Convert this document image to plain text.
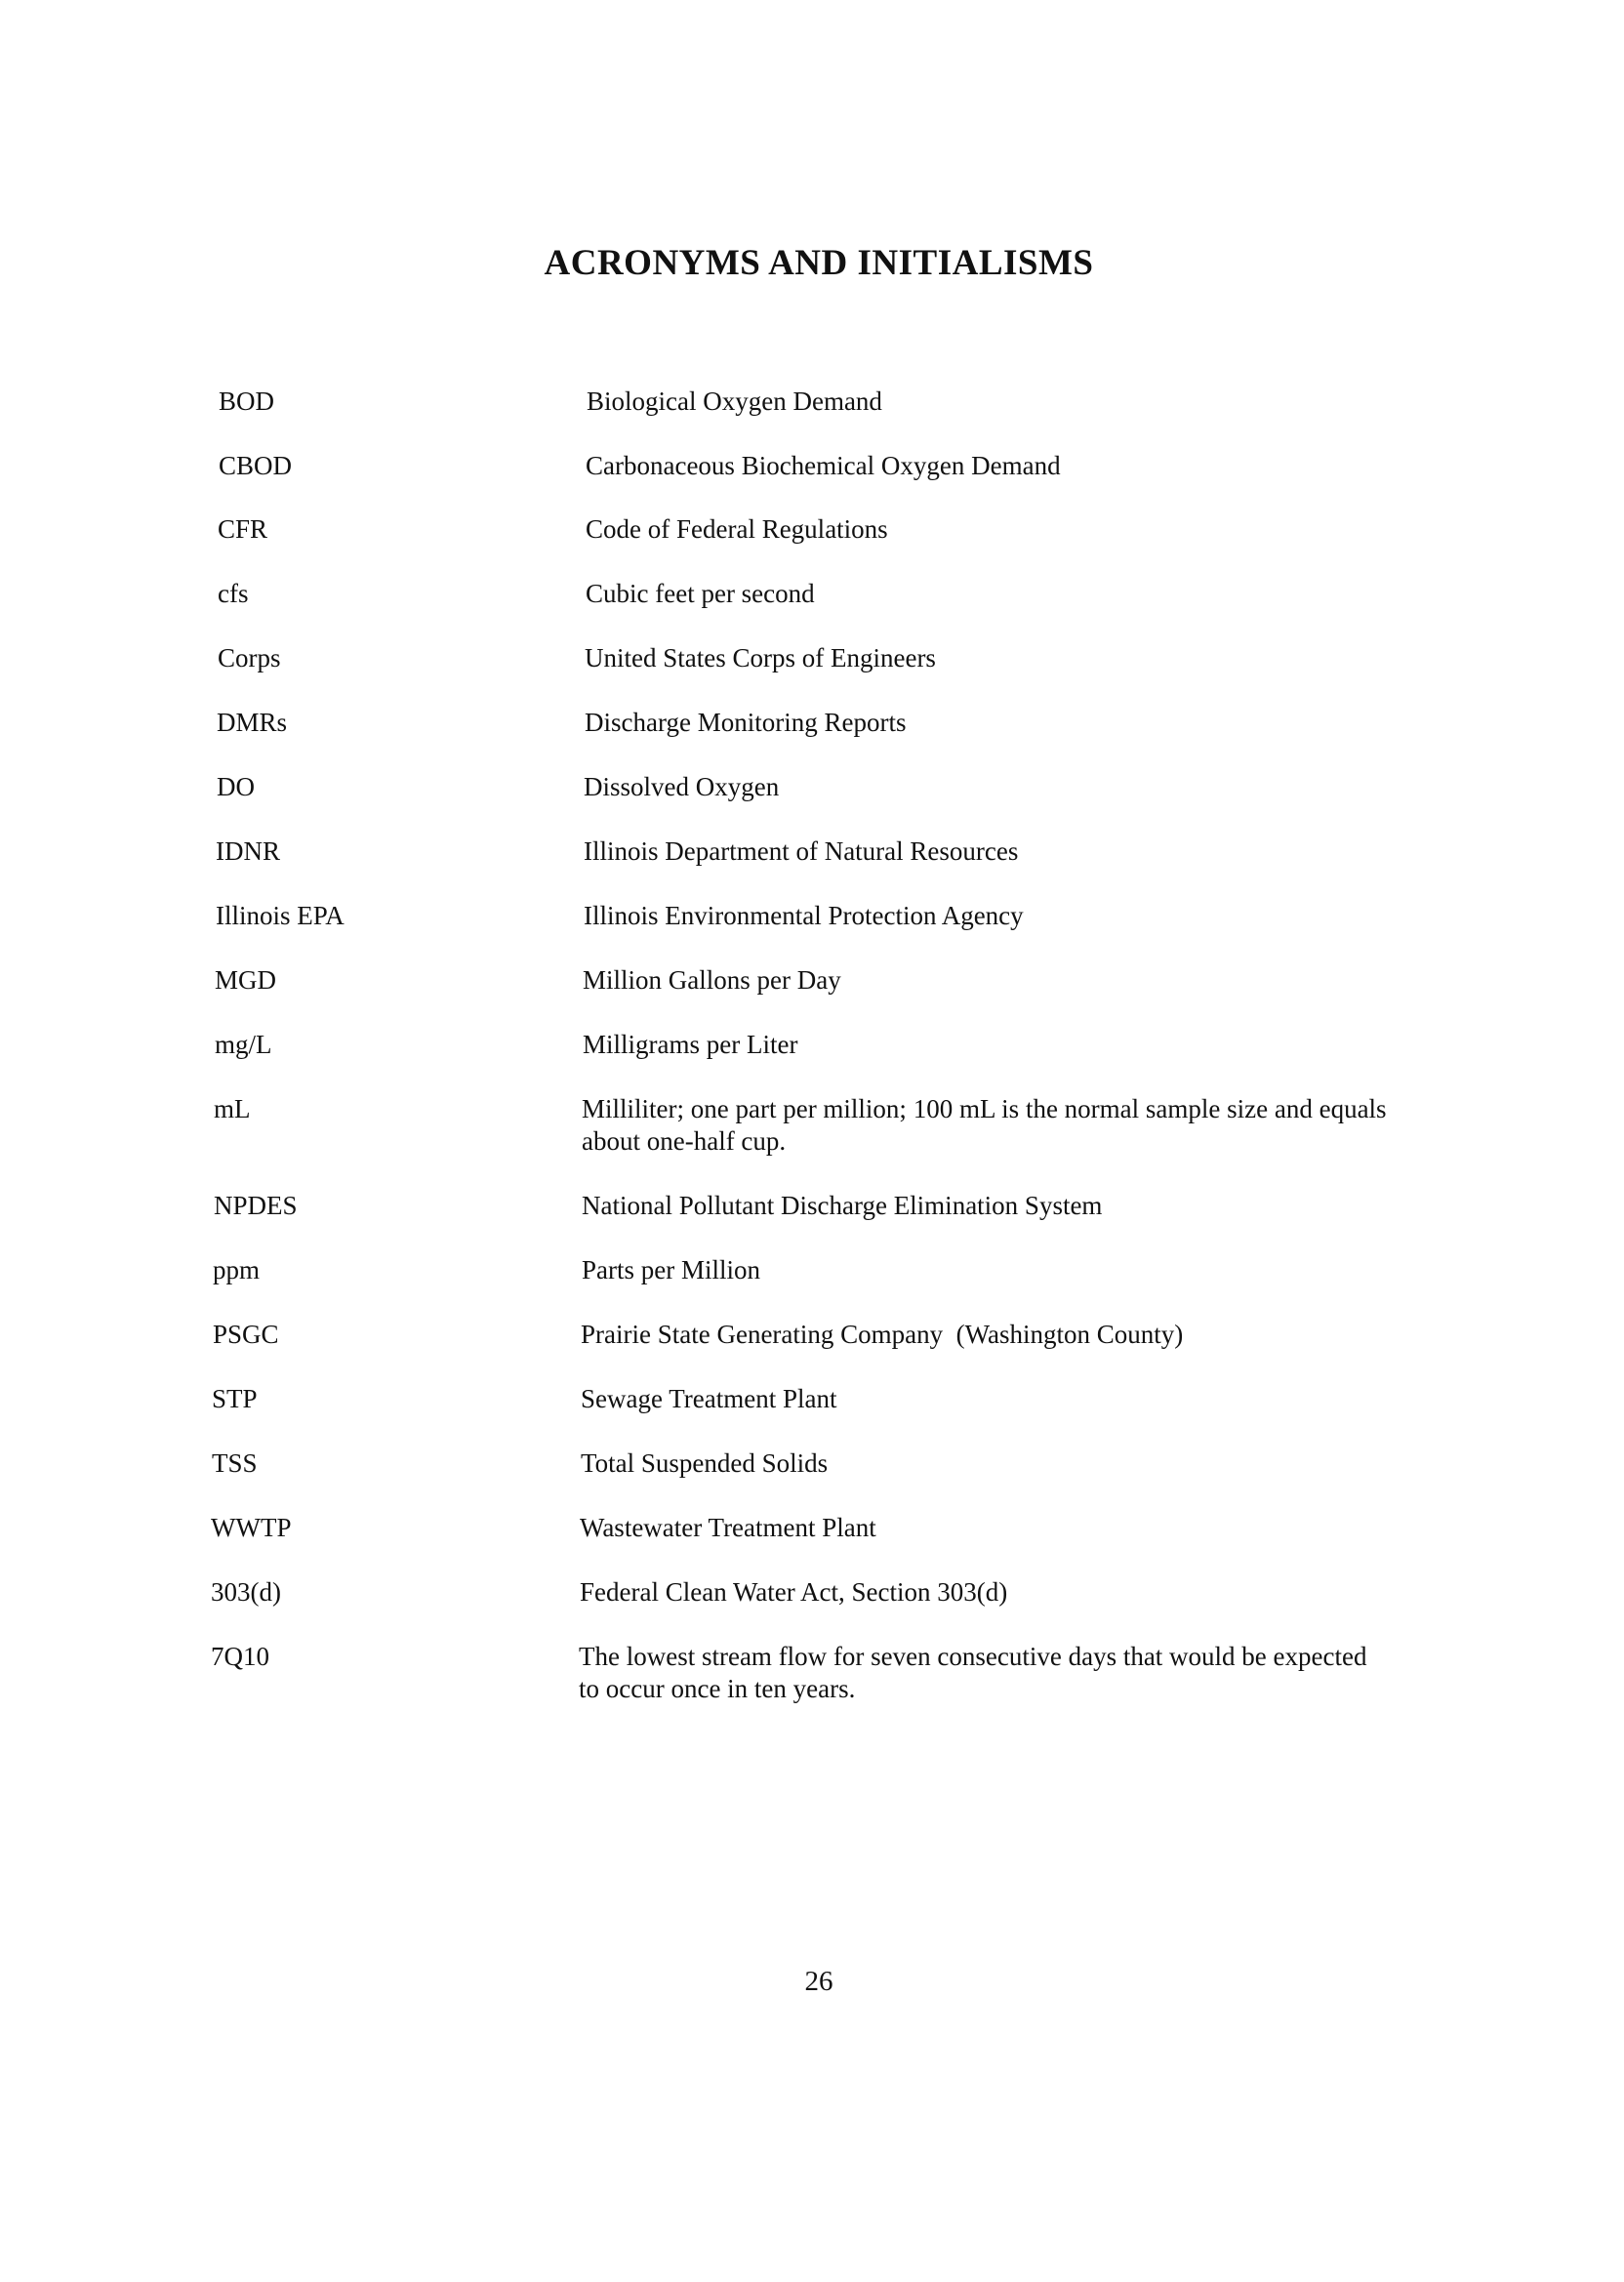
ACRONYMS AND INITIALISMS
BOD	Biological Oxygen Demand
CBOD	Carbonaceous Biochemical Oxygen Demand
CFR	Code of Federal Regulations
cfs	Cubic feet per second
Corps	United States Corps of Engineers
DMRs	Discharge Monitoring Reports
DO	Dissolved Oxygen
IDNR	Illinois Department of Natural Resources
Illinois EPA	Illinois Environmental Protection Agency
MGD	Million Gallons per Day
mg/L	Milligrams per Liter
mL	Milliliter; one part per million; 100 mL is the normal sample size and equals about one-half cup.
NPDES	National Pollutant Discharge Elimination System
ppm	Parts per Million
PSGC	Prairie State Generating Company  (Washington County)
STP	Sewage Treatment Plant
TSS	Total Suspended Solids
WWTP	Wastewater Treatment Plant
303(d)	Federal Clean Water Act, Section 303(d)
7Q10	The lowest stream flow for seven consecutive days that would be expected to occur once in ten years.
26
